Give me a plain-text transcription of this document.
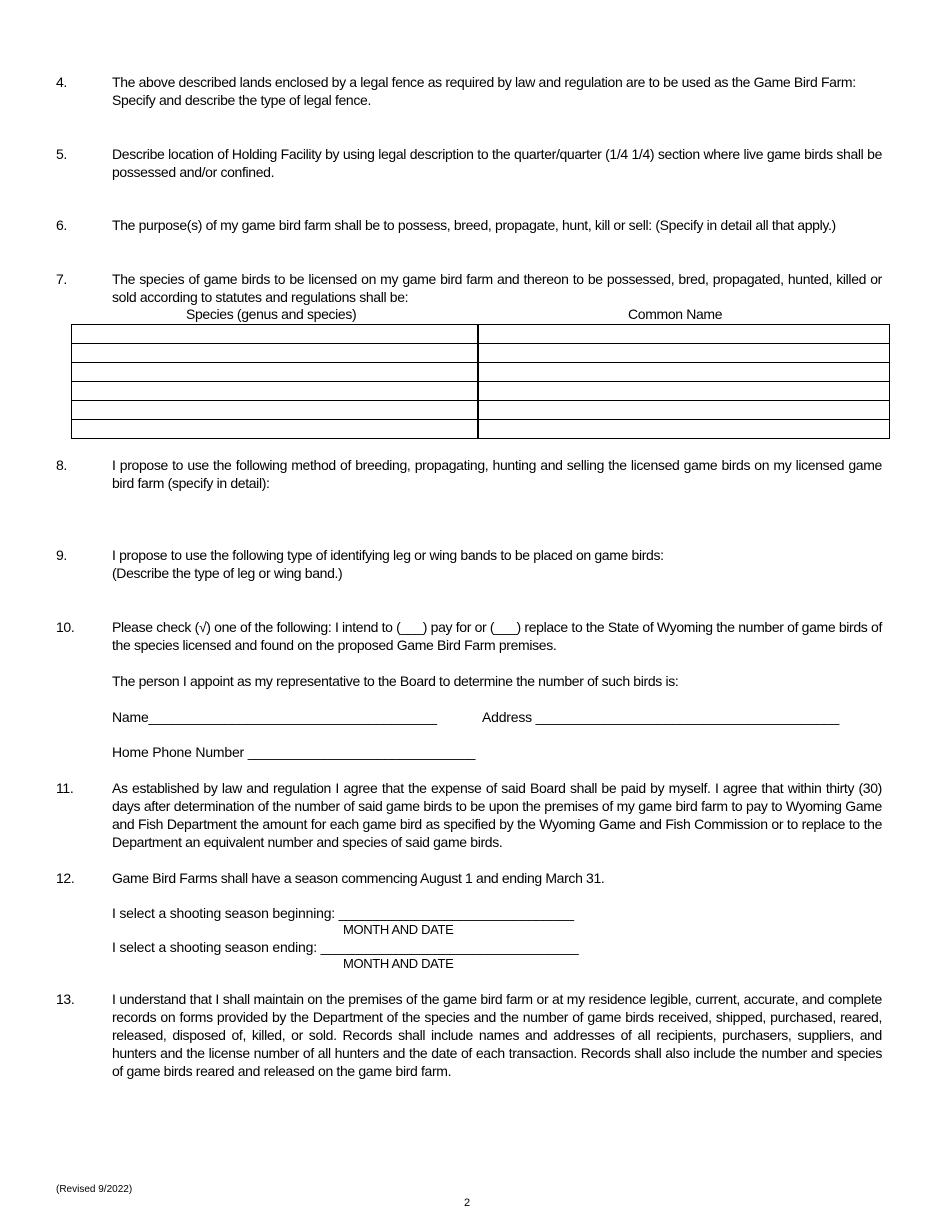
4.	The above described lands enclosed by a legal fence as required by law and regulation are to be used as the Game Bird Farm:

Specify and describe the type of legal fence.

5.	Describe location of Holding Facility by using legal description to the quarter/quarter (1/4 1/4) section where live game birds shall be possessed and/or confined.

6.	The purpose(s) of my game bird farm shall be to possess, breed, propagate, hunt, kill or sell: (Specify in detail all that apply.)

7.	The species of game birds to be licensed on my game bird farm and thereon to be possessed, bred, propagated, hunted, killed or sold according to statutes and regulations shall be:

Species (genus and species)	Common Name

8.	I propose to use the following method of breeding, propagating, hunting and selling the licensed game birds on my licensed game bird farm (specify in detail):

9.	I propose to use the following type of identifying leg or wing bands to be placed on game birds:

(Describe the type of leg or wing band.)

10.	Please check (√) one of the following: I intend to (___) pay for or (___) replace to the State of Wyoming the number of game birds of the species licensed and found on the proposed Game Bird Farm premises.

The person I appoint as my representative to the Board to determine the number of such birds is:
Name______________________________________	Address ________________________________________
Home Phone Number ______________________________
11.	As established by law and regulation I agree that the expense of said Board shall be paid by myself. I agree that within thirty (30) days after determination of the number of said game birds to be upon the premises of my game bird farm to pay to Wyoming Game and Fish Department the amount for each game bird as specified by the Wyoming Game and Fish Commission or to replace to the Department an equivalent number and species of said game birds.

12.	Game Bird Farms shall have a season commencing August 1 and ending March 31.

I select a shooting season beginning: _______________________________
MONTH AND DATE
I select a shooting season ending: __________________________________
MONTH AND DATE
13.	I understand that I shall maintain on the premises of the game bird farm or at my residence legible, current, accurate, and complete records on forms provided by the Department of the species and the number of game birds received, shipped, purchased, reared, released, disposed of, killed, or sold. Records shall include names and addresses of all recipients, purchasers, suppliers, and hunters and the license number of all hunters and the date of each transaction. Records shall also include the number and species of game birds reared and released on the game bird farm.

(Revised 9/2022)
2
